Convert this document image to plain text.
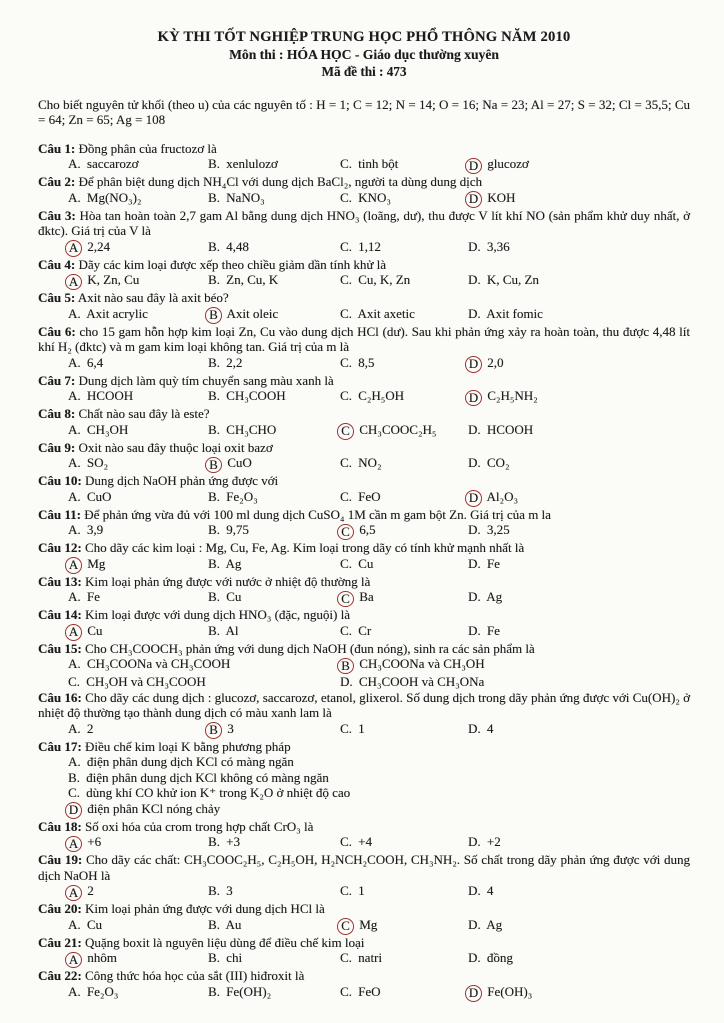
KỲ THI TỐT NGHIỆP TRUNG HỌC PHỔ THÔNG NĂM 2010
Môn thi : HÓA HỌC - Giáo dục thường xuyên
Mã đề thi : 473

Cho biết nguyên tử khối (theo u) của các nguyên tố : H = 1; C = 12; N = 14; O = 16; Na = 23; Al = 27; S = 32; Cl = 35,5; Cu = 64; Zn = 65; Ag = 108

Câu 1: Đồng phân của fructozơ là

A . saccarozơ	B . xenlulozơ	C . tinh bột	D glucozơ

Câu 2: Để phân biệt dung dịch NH₄Cl với dung dịch BaCl₂, người ta dùng dung dịch

A . Mg(NO₃)₂	B . NaNO₃	C . KNO₃	D KOH

Câu 3: Hòa tan hoàn toàn 2,7 gam Al bằng dung dịch HNO₃ (loãng, dư), thu được V lít khí NO (sản phẩm khử duy nhất, ở đktc). Giá trị của V là

A 2,24	B . 4,48	C . 1,12	D . 3,36

Câu 4: Dãy các kim loại được xếp theo chiều giảm dần tính khử là

A K, Zn, Cu	B . Zn, Cu, K	C . Cu, K, Zn	D . K, Cu, Zn

Câu 5: Axit nào sau đây là axit béo?

A . Axit acrylic	B Axit oleic	C . Axit axetic	D . Axit fomic

Câu 6: cho 15 gam hỗn hợp kim loại Zn, Cu vào dung dịch HCl (dư). Sau khi phản ứng xảy ra hoàn toàn, thu được 4,48 lít khí H₂ (đktc) và m gam kim loại không tan. Giá trị của m là

A . 6,4	B . 2,2	C . 8,5	D 2,0

Câu 7: Dung dịch làm quỳ tím chuyển sang màu xanh là

A . HCOOH	B . CH₃COOH	C . C₂H₅OH	D C₂H₅NH₂

Câu 8: Chất nào sau đây là este?

A . CH₃OH	B . CH₃CHO	C CH₃COOC₂H₅	D . HCOOH

Câu 9: Oxit nào sau đây thuộc loại oxit bazơ

A . SO₂	B CuO	C . NO₂	D . CO₂

Câu 10: Dung dịch NaOH phản ứng được với

A . CuO	B . Fe₂O₃	C . FeO	D Al₂O₃

Câu 11: Để phản ứng vừa đủ với 100 ml dung dịch CuSO₄ 1M cần m gam bột Zn. Giá trị của m la

A . 3,9	B . 9,75	C 6,5	D . 3,25

Câu 12: Cho dãy các kim loại : Mg, Cu, Fe, Ag. Kim loại trong dãy có tính khử mạnh nhất là

A Mg	B . Ag	C . Cu	D . Fe

Câu 13: Kim loại phản ứng được với nước ở nhiệt độ thường là

A . Fe	B . Cu	C Ba	D . Ag

Câu 14: Kim loại được với dung dịch HNO₃ (đặc, nguội) là

A Cu	B . Al	C . Cr	D . Fe

Câu 15: Cho CH₃COOCH₃ phản ứng với dung dịch NaOH (đun nóng), sinh ra các sản phẩm là

A . CH₃COONa và CH₃COOH	B CH₃COONa và CH₃OH
C . CH₃OH và CH₃COOH	D . CH₃COOH và CH₃ONa

Câu 16: Cho dãy các dung dịch : glucozơ, saccarozơ, etanol, glixerol. Số dung dịch trong dãy phản ứng được với Cu(OH)₂ ở nhiệt độ thường tạo thành dung dịch có màu xanh lam là

A . 2	B 3	C . 1	D . 4

Câu 17: Điều chế kim loại K bằng phương pháp

A . điện phân dung dịch KCl có màng ngăn
B . điện phân dung dịch KCl không có màng ngăn
C . dùng khí CO khử ion K⁺ trong K₂O ở nhiệt độ cao
D điện phân KCl nóng chảy

Câu 18: Số oxi hóa của crom trong hợp chất CrO₃ là

A +6	B . +3	C . +4	D . +2

Câu 19: Cho dãy các chất: CH₃COOC₂H₅, C₂H₅OH, H₂NCH₂COOH, CH₃NH₂. Số chất trong dãy phản ứng được với dung dịch NaOH là

A 2	B . 3	C . 1	D . 4

Câu 20: Kim loại phản ứng được với dung dịch HCl là

A . Cu	B . Au	C Mg	D . Ag

Câu 21: Quặng boxit là nguyên liệu dùng để điều chế kim loại

A nhôm	B . chi	C . natri	D . đồng

Câu 22: Công thức hóa học của sắt (III) hiđroxit là

A . Fe₂O₃	B . Fe(OH)₂	C . FeO	D Fe(OH)₃
